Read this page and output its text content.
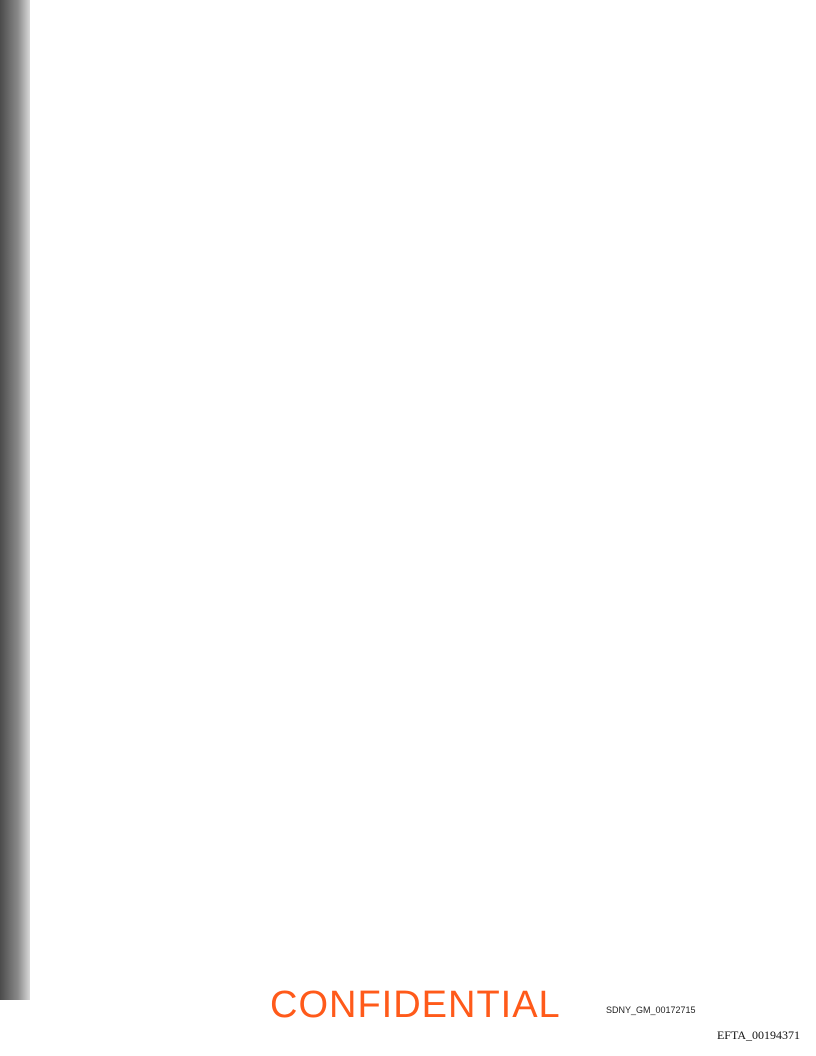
CONFIDENTIAL	SDNY_GM_00172715
EFTA_00194371
